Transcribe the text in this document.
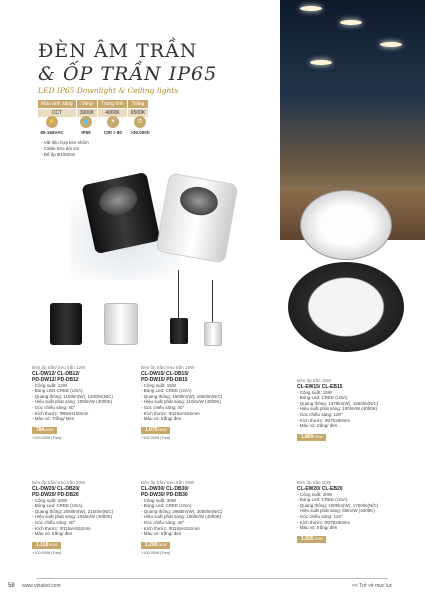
ĐÈN ÂM TRẦN
& ỐP TRẦN IP65
LED IP65 Downlight & Ceiling lights
Màu ánh sáng	Vàng	Trung tính	Trắng
CCT	3000K	4000K	6500K
⚡
85-165VAC
💧
IP65
☀
CRI > 80
⏱
>30.000h
- Vật liệu hợp kim nhôm
- Cable treo dài 1m
- Đế ốp Ф100mm
Đèn ốp trần/ treo trần 12W
CL-DW12/ CL-DB12/
PD-DW12/ PD-DB12
- Công suất: 12W
- Bóng LED CREE (USA)
- Quang thông: 1150lm(W), 1200lm(N/C)
- Hiệu suất phát sáng: 100lm/W (4000K)
- Góc chiếu sáng: 40°
- Kích thước: Ф95xH100mm
- Màu vỏ: Trắng/ Đen
784.000đ
+100.000đ (Treo)
Đèn ốp trần/ treo trần 15W
CL-DW15/ CL-DB15/
PD-DW15/ PD-DB15
- Công suất: 15W
- Bóng Led: CREE (USA)
- Quang thông: 1600lm(W), 1650lm(N/C)
- Hiệu suất phát sáng: 110lm/W (4000K)
- Góc chiếu sáng: 40°
- Kích thước: Ф115xH152mm
- Màu vỏ: trắng/ đen
1.075.000đ
+100.000đ (Treo)
Đèn ốp trần 15W
CL-EW15/ CL-EB15
- Công suất: 15W
- Bóng Led: CREE (USA)
- Quang thông: 1475lm(W), 1500lm(N/C)
- Hiệu suất phát sáng: 100lm/W (4000K)
- Góc chiếu sáng: 120°
- Kích thước: Ф275x80mm
- Màu vỏ: trắng/ đen
1.869.000đ
Đèn ốp trần/ treo trần 20W
CL-DW20/ CL-DB20/
PD-DW20/ PD-DB20
- Công suất: 20W
- Bóng Led: CREE (USA)
- Quang thông: 2050lm(W), 2100lm(N/C)
- Hiệu suất phát sáng: 105lm/W (4000K)
- Góc chiếu sáng: 40°
- Kích thước: Ф115xH152mm
- Màu vỏ: trắng/ đen
1.118.000đ
+100.000đ (Treo)
Đèn ốp trần/ treo trần 30W
CL-DW30/ CL-DB30/
PD-DW30/ PD-DB30
- Công suất: 30W
- Bóng Led: CREE (USA)
- Quang thông: 2980lm(W), 3000lm(N/C)
- Hiệu suất phát sáng: 100lm/W (4000K)
- Góc chiếu sáng: 40°
- Kích thước: Ф115xH152mm
- Màu vỏ: trắng/ đen
1.209.000đ
+100.000đ (Treo)
Đèn ốp trần 20W
CL-EW20/ CL-EB20
- Công suất: 20W
- Bóng Led: CREE (USA)
- Quang thông: 1600lm(W), 1700lm(N/C)
- Hiệu suất phát sáng: 85lm/W (4000K)
- Góc chiếu sáng: 120°
- Kích thước: Ф275x80mm
- Màu vỏ: trắng/ đen
1.926.000đ
58 www.vinaled.com	<< Trở về mục lục
